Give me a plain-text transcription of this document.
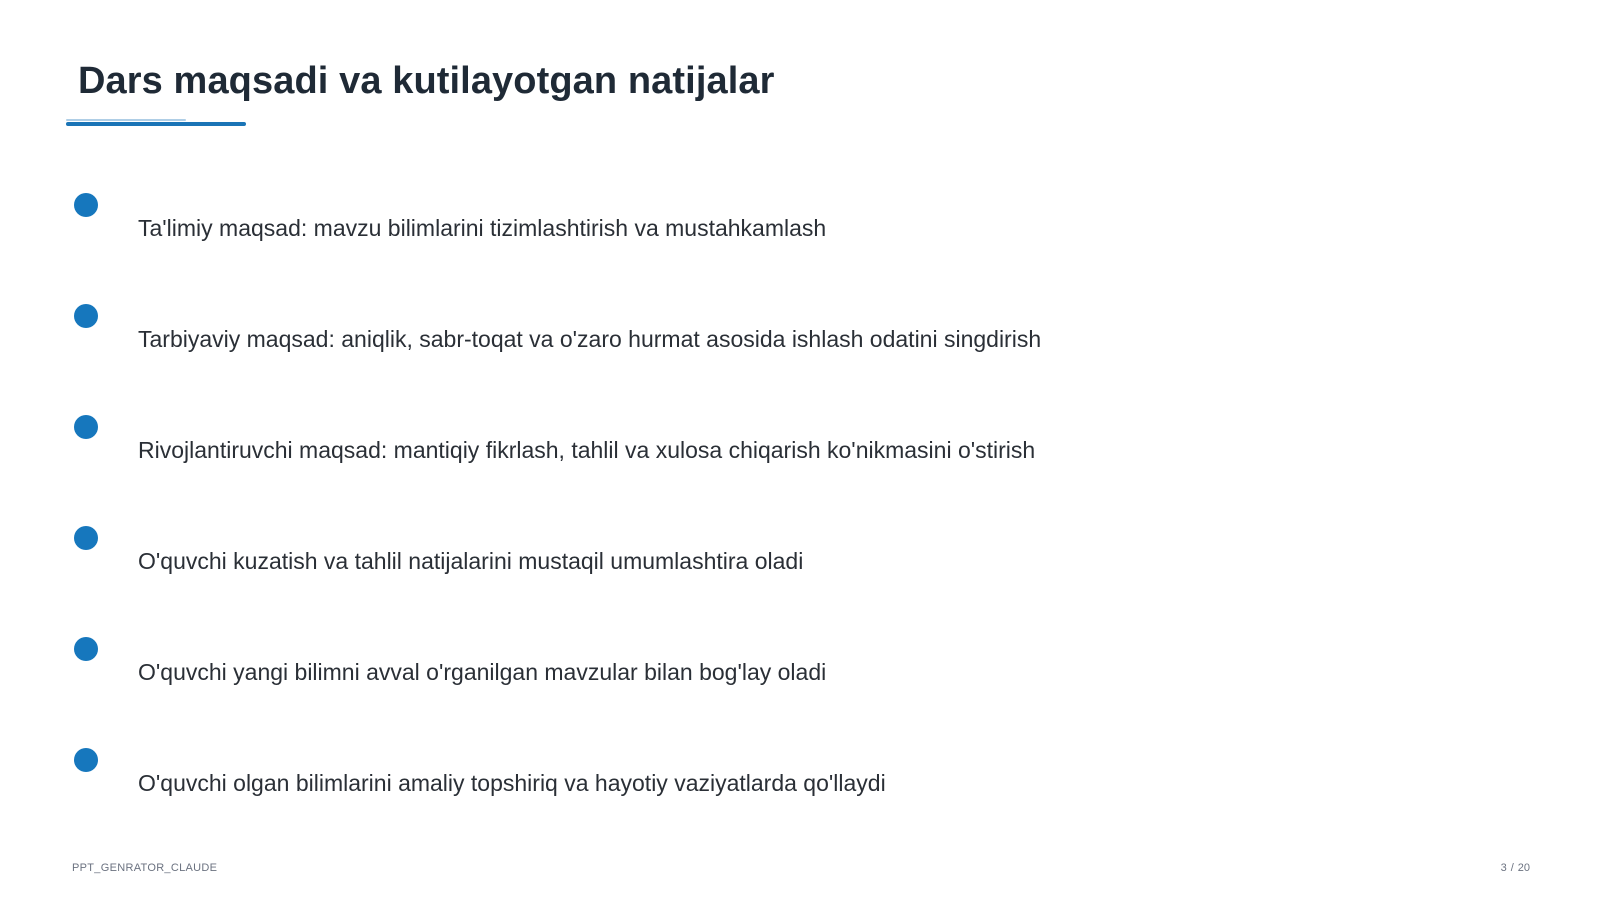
Dars maqsadi va kutilayotgan natijalar
Ta'limiy maqsad: mavzu bilimlarini tizimlashtirish va mustahkamlash
Tarbiyaviy maqsad: aniqlik, sabr-toqat va o'zaro hurmat asosida ishlash odatini singdirish
Rivojlantiruvchi maqsad: mantiqiy fikrlash, tahlil va xulosa chiqarish ko'nikmasini o'stirish
O'quvchi kuzatish va tahlil natijalarini mustaqil umumlashtira oladi
O'quvchi yangi bilimni avval o'rganilgan mavzular bilan bog'lay oladi
O'quvchi olgan bilimlarini amaliy topshiriq va hayotiy vaziyatlarda qo'llaydi
PPT_GENRATOR_CLAUDE	3 / 20
